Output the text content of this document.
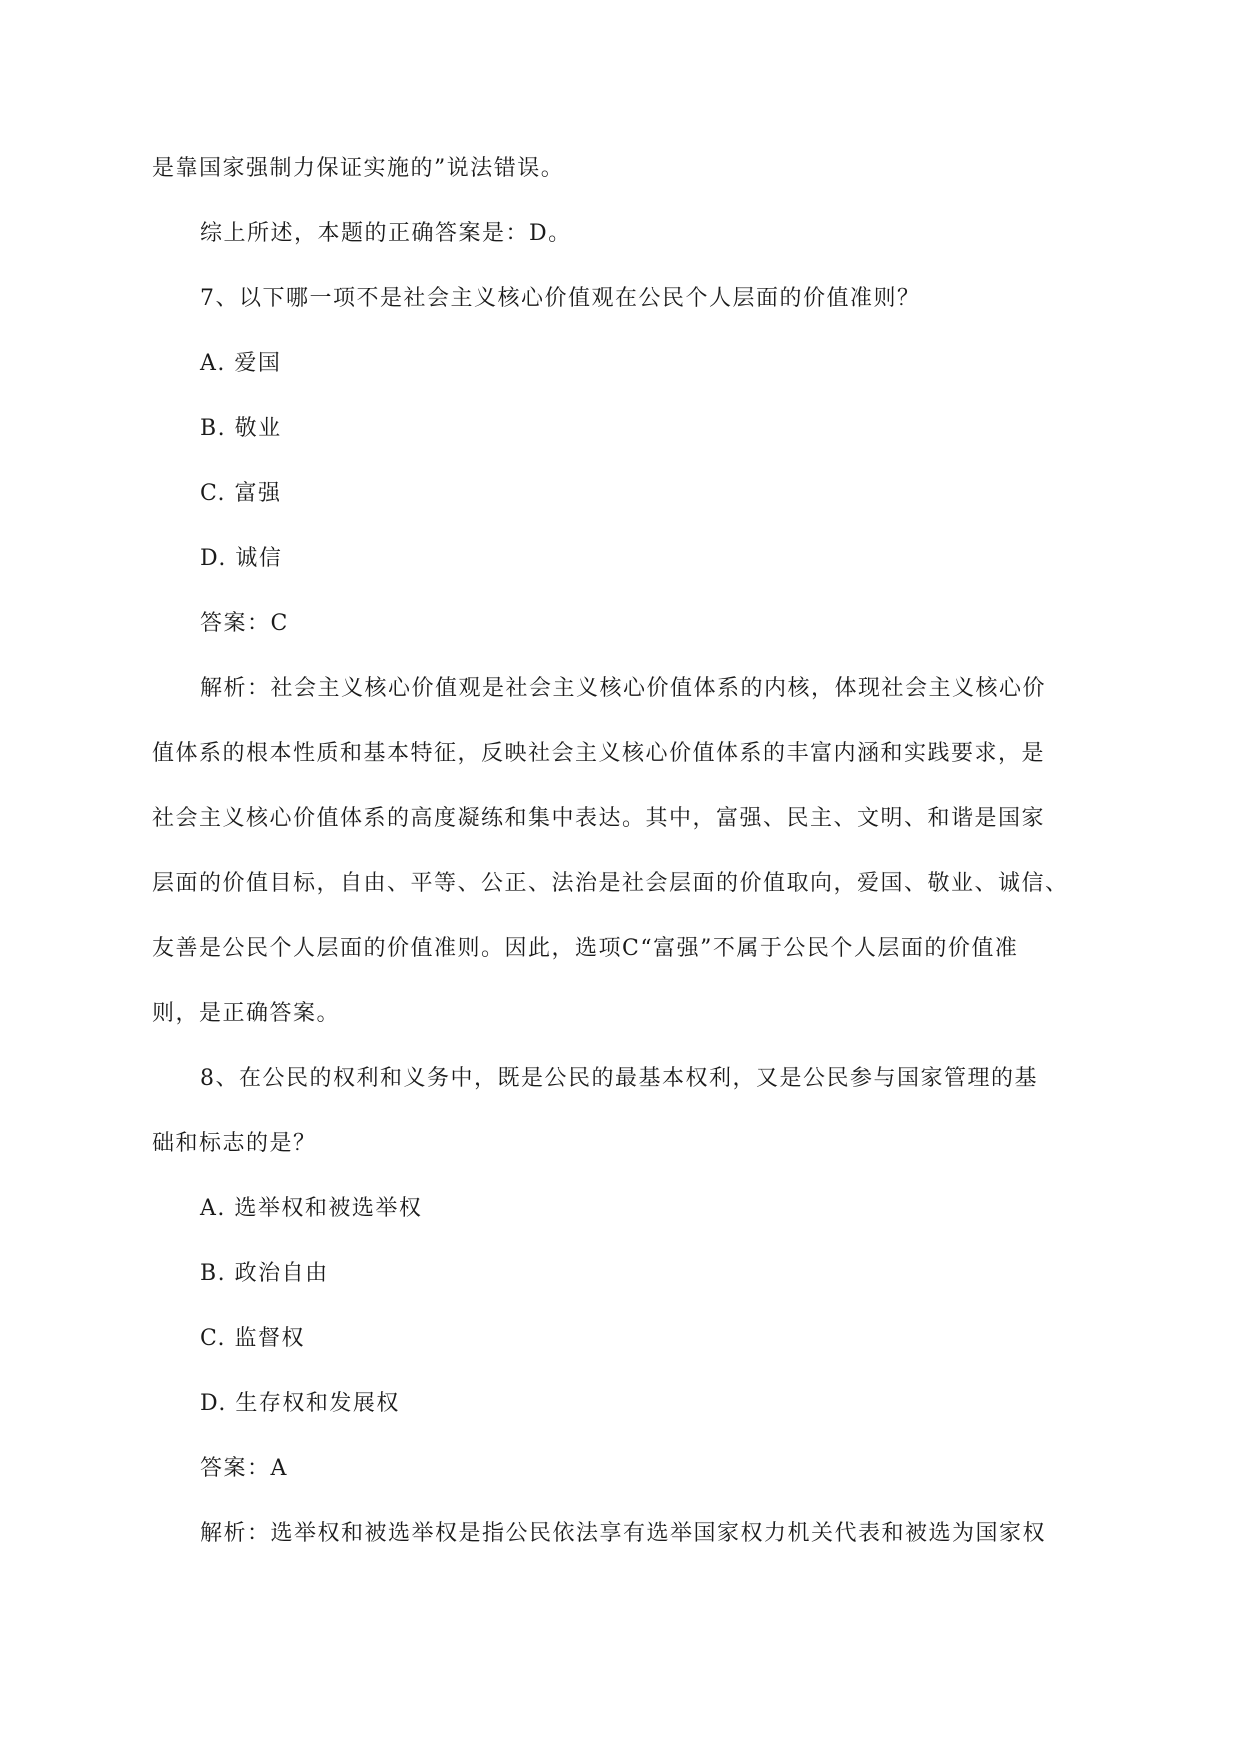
是靠国家强制力保证实施的”说法错误。

综上所述，本题的正确答案是：D。

7、以下哪一项不是社会主义核心价值观在公民个人层面的价值准则？

A. 爱国

B. 敬业

C. 富强

D. 诚信

答案：C

解析：社会主义核心价值观是社会主义核心价值体系的内核，体现社会主义核心价

值体系的根本性质和基本特征，反映社会主义核心价值体系的丰富内涵和实践要求，是

社会主义核心价值体系的高度凝练和集中表达。其中，富强、民主、文明、和谐是国家

层面的价值目标，自由、平等、公正、法治是社会层面的价值取向，爱国、敬业、诚信、

友善是公民个人层面的价值准则。因此，选项C“富强”不属于公民个人层面的价值准

则，是正确答案。

8、在公民的权利和义务中，既是公民的最基本权利，又是公民参与国家管理的基

础和标志的是？

A. 选举权和被选举权

B. 政治自由

C. 监督权

D. 生存权和发展权

答案：A

解析：选举权和被选举权是指公民依法享有选举国家权力机关代表和被选为国家权
